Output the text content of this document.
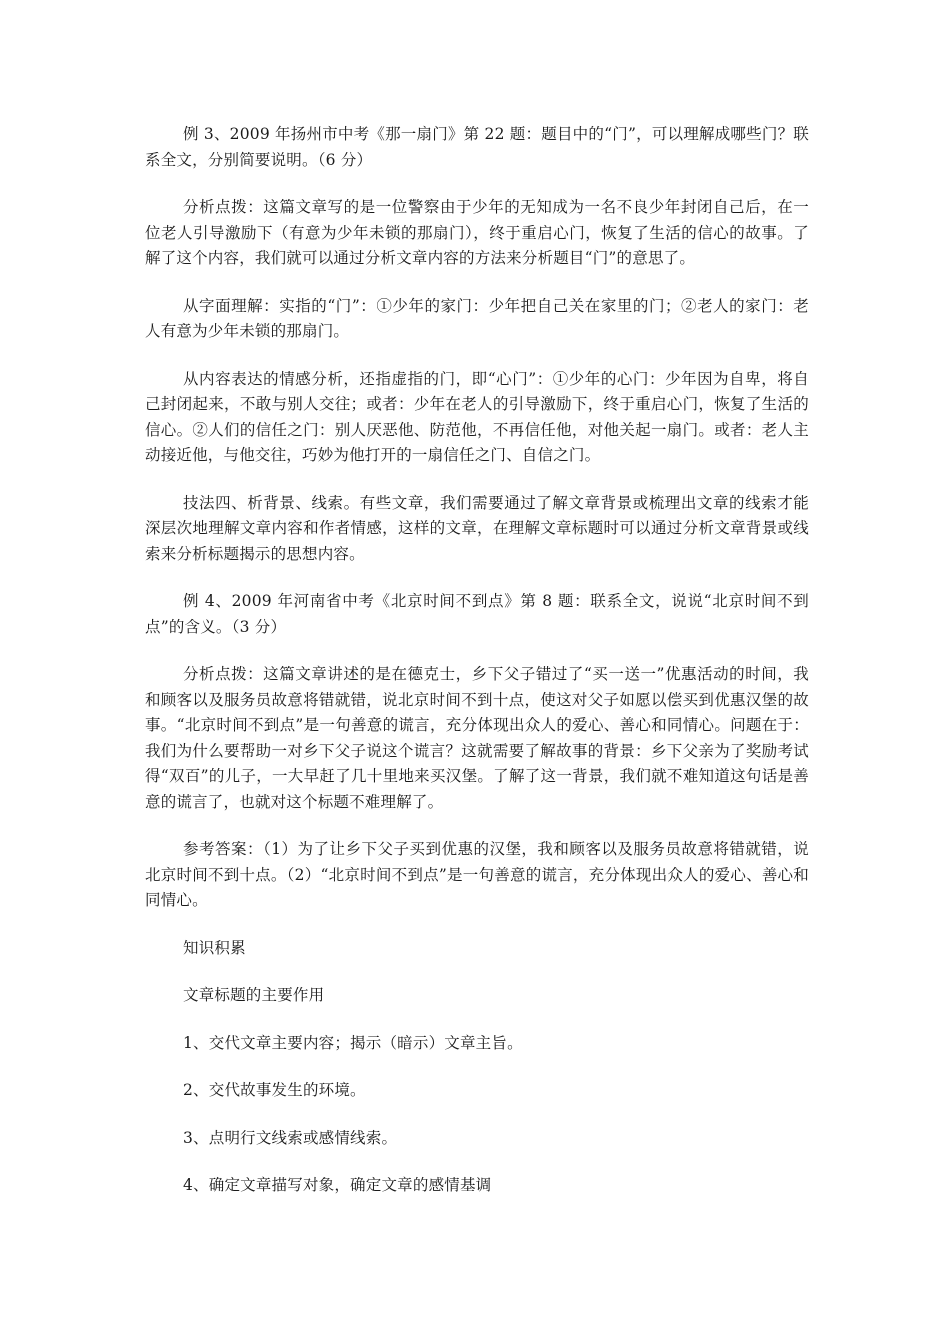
例 3、2009 年扬州市中考《那一扇门》第 22 题：题目中的“门”，可以理解成哪些门？联系全文，分别简要说明。（6 分）

分析点拨：这篇文章写的是一位警察由于少年的无知成为一名不良少年封闭自己后，在一位老人引导激励下（有意为少年未锁的那扇门），终于重启心门，恢复了生活的信心的故事。了解了这个内容，我们就可以通过分析文章内容的方法来分析题目“门”的意思了。

从字面理解：实指的“门”：①少年的家门：少年把自己关在家里的门；②老人的家门：老人有意为少年未锁的那扇门。

从内容表达的情感分析，还指虚指的门，即“心门”：①少年的心门：少年因为自卑，将自己封闭起来，不敢与别人交往；或者：少年在老人的引导激励下，终于重启心门，恢复了生活的信心。②人们的信任之门：别人厌恶他、防范他，不再信任他，对他关起一扇门。或者：老人主动接近他，与他交往，巧妙为他打开的一扇信任之门、自信之门。

技法四、析背景、线索。有些文章，我们需要通过了解文章背景或梳理出文章的线索才能深层次地理解文章内容和作者情感，这样的文章，在理解文章标题时可以通过分析文章背景或线索来分析标题揭示的思想内容。

例 4、2009 年河南省中考《北京时间不到点》第 8 题：联系全文，说说“北京时间不到点”的含义。（3 分）

分析点拨：这篇文章讲述的是在德克士，乡下父子错过了“买一送一”优惠活动的时间，我和顾客以及服务员故意将错就错，说北京时间不到十点，使这对父子如愿以偿买到优惠汉堡的故事。“北京时间不到点”是一句善意的谎言，充分体现出众人的爱心、善心和同情心。问题在于：我们为什么要帮助一对乡下父子说这个谎言？这就需要了解故事的背景：乡下父亲为了奖励考试得“双百”的儿子，一大早赶了几十里地来买汉堡。了解了这一背景，我们就不难知道这句话是善意的谎言了，也就对这个标题不难理解了。

参考答案：（1）为了让乡下父子买到优惠的汉堡，我和顾客以及服务员故意将错就错，说北京时间不到十点。（2）“北京时间不到点”是一句善意的谎言，充分体现出众人的爱心、善心和同情心。

知识积累

文章标题的主要作用

1、交代文章主要内容；揭示（暗示）文章主旨。

2、交代故事发生的环境。

3、点明行文线索或感情线索。

4、确定文章描写对象，确定文章的感情基调
